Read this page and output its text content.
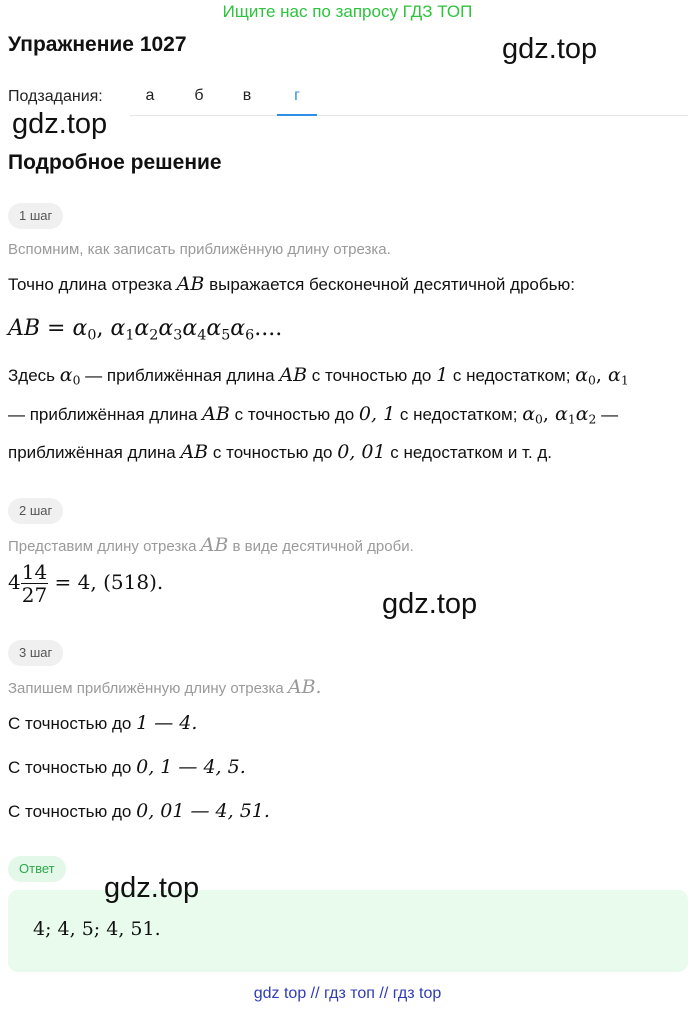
Ищите нас по запросу ГДЗ ТОП
Упражнение 1027	gdz.top
Подзадания:	а	б	в	г
gdz.top
Подробное решение
1 шаг
Вспомним, как записать приближённую длину отрезка.
Точно длина отрезка AB выражается бесконечной десятичной дробью:
AB = $\alpha_0$, $\alpha_1\alpha_2\alpha_3\alpha_4\alpha_5\alpha_6$....
Здесь $\alpha_0$ — приближённая длина AB с точностью до 1 с недостатком; $\alpha_0$, $\alpha_1$
— приближённая длина AB с точностью до 0, 1 с недостатком; $\alpha_0$, $\alpha_1\alpha_2$ —
приближённая длина AB с точностью до 0, 01 с недостатком и т. д.
2 шаг
Представим длину отрезка AB в виде десятичной дроби.
$4 \frac{14}{27} = 4$, (518).
gdz.top
3 шаг
Запишем приближённую длину отрезка AB.
С точностью до 1 — 4.
С точностью до 0, 1 — 4, 5.
С точностью до 0, 01 — 4, 51.
Ответ
4; 4, 5; 4, 51.
gdz.top
gdz top // гдз топ // гдз top
